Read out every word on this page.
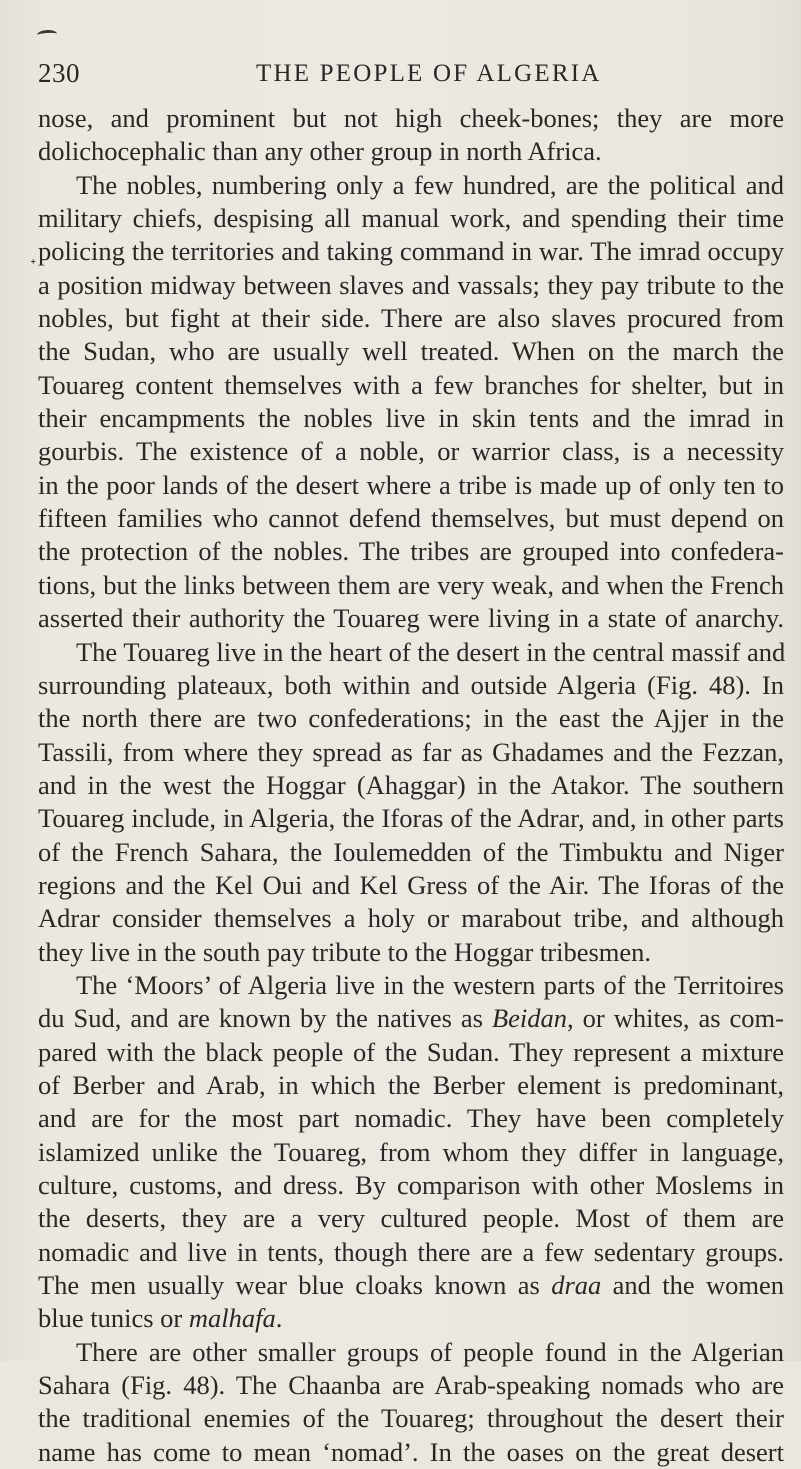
ᐩ
230	THE PEOPLE OF ALGERIA
nose, and prominent but not high cheek-bones; they are more
dolichocephalic than any other group in north Africa.
The nobles, numbering only a few hundred, are the political and
military chiefs, despising all manual work, and spending their time
policing the territories and taking command in war. The imrad occupy
a position midway between slaves and vassals; they pay tribute to the
nobles, but fight at their side. There are also slaves procured from
the Sudan, who are usually well treated. When on the march the
Touareg content themselves with a few branches for shelter, but in
their encampments the nobles live in skin tents and the imrad in
gourbis. The existence of a noble, or warrior class, is a necessity
in the poor lands of the desert where a tribe is made up of only ten to
fifteen families who cannot defend themselves, but must depend on
the protection of the nobles. The tribes are grouped into confedera-
tions, but the links between them are very weak, and when the French
asserted their authority the Touareg were living in a state of anarchy.
The Touareg live in the heart of the desert in the central massif and
surrounding plateaux, both within and outside Algeria (Fig. 48). In
the north there are two confederations; in the east the Ajjer in the
Tassili, from where they spread as far as Ghadames and the Fezzan,
and in the west the Hoggar (Ahaggar) in the Atakor. The southern
Touareg include, in Algeria, the Iforas of the Adrar, and, in other parts
of the French Sahara, the Ioulemedden of the Timbuktu and Niger
regions and the Kel Oui and Kel Gress of the Air. The Iforas of the
Adrar consider themselves a holy or marabout tribe, and although
they live in the south pay tribute to the Hoggar tribesmen.
The ‘Moors’ of Algeria live in the western parts of the Territoires
du Sud, and are known by the natives as Beidan, or whites, as com-
pared with the black people of the Sudan. They represent a mixture
of Berber and Arab, in which the Berber element is predominant,
and are for the most part nomadic. They have been completely
islamized unlike the Touareg, from whom they differ in language,
culture, customs, and dress. By comparison with other Moslems in
the deserts, they are a very cultured people. Most of them are
nomadic and live in tents, though there are a few sedentary groups.
The men usually wear blue cloaks known as draa and the women
blue tunics or malhafa.
There are other smaller groups of people found in the Algerian
Sahara (Fig. 48). The Chaanba are Arab-speaking nomads who are
the traditional enemies of the Touareg; throughout the desert their
name has come to mean ‘nomad’. In the oases on the great desert
